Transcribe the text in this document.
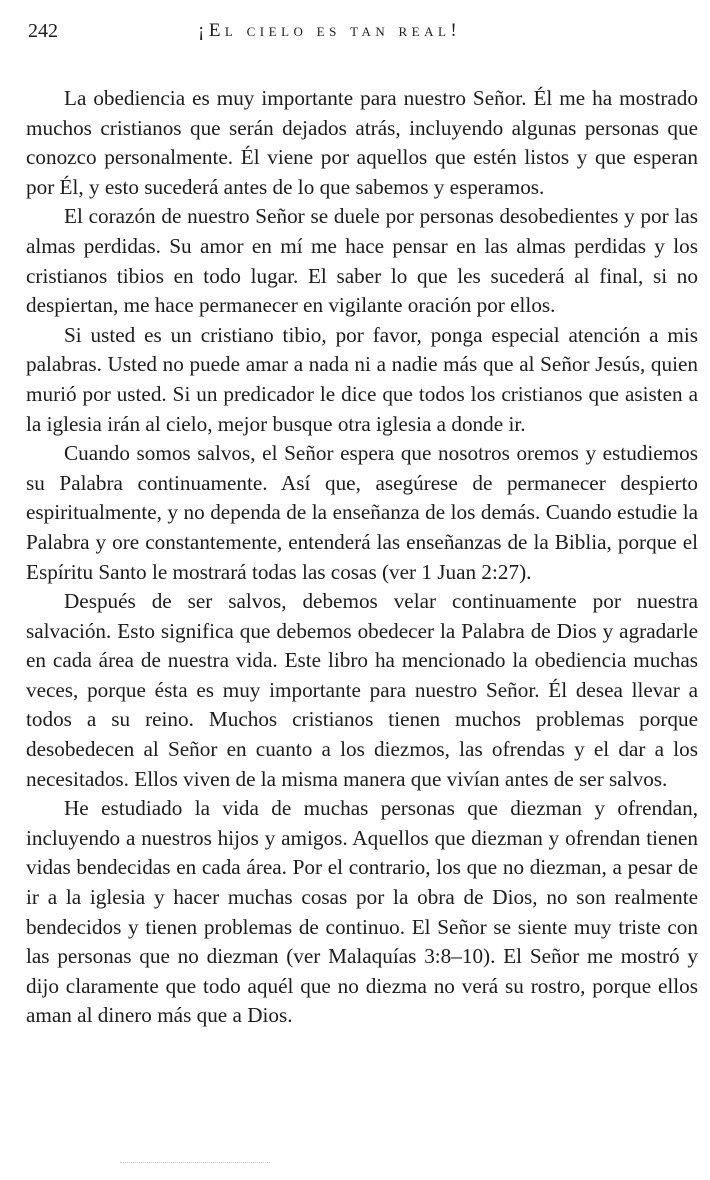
242	¡El cielo es tan real!

La obediencia es muy importante para nuestro Señor. Él me ha mostrado muchos cristianos que serán dejados atrás, incluyendo algunas personas que conozco personalmente. Él viene por aquellos que estén listos y que esperan por Él, y esto sucederá antes de lo que sabemos y esperamos.

El corazón de nuestro Señor se duele por personas desobedientes y por las almas perdidas. Su amor en mí me hace pensar en las almas perdidas y los cristianos tibios en todo lugar. El saber lo que les sucederá al final, si no despiertan, me hace permanecer en vigilante oración por ellos.

Si usted es un cristiano tibio, por favor, ponga especial atención a mis palabras. Usted no puede amar a nada ni a nadie más que al Señor Jesús, quien murió por usted. Si un predicador le dice que todos los cristianos que asisten a la iglesia irán al cielo, mejor busque otra iglesia a donde ir.

Cuando somos salvos, el Señor espera que nosotros oremos y estudiemos su Palabra continuamente. Así que, asegúrese de permanecer despierto espiritualmente, y no dependa de la enseñanza de los demás. Cuando estudie la Palabra y ore constantemente, entenderá las enseñanzas de la Biblia, porque el Espíritu Santo le mostrará todas las cosas (ver 1 Juan 2:27).

Después de ser salvos, debemos velar continuamente por nuestra salvación. Esto significa que debemos obedecer la Palabra de Dios y agradarle en cada área de nuestra vida. Este libro ha mencionado la obediencia muchas veces, porque ésta es muy importante para nuestro Señor. Él desea llevar a todos a su reino. Muchos cristianos tienen muchos problemas porque desobedecen al Señor en cuanto a los diezmos, las ofrendas y el dar a los necesitados. Ellos viven de la misma manera que vivían antes de ser salvos.

He estudiado la vida de muchas personas que diezman y ofrendan, incluyendo a nuestros hijos y amigos. Aquellos que diezman y ofrendan tienen vidas bendecidas en cada área. Por el contrario, los que no diezman, a pesar de ir a la iglesia y hacer muchas cosas por la obra de Dios, no son realmente bendecidos y tienen problemas de continuo. El Señor se siente muy triste con las personas que no diezman (ver Malaquías 3:8–10). El Señor me mostró y dijo claramente que todo aquél que no diezma no verá su rostro, porque ellos aman al dinero más que a Dios.
